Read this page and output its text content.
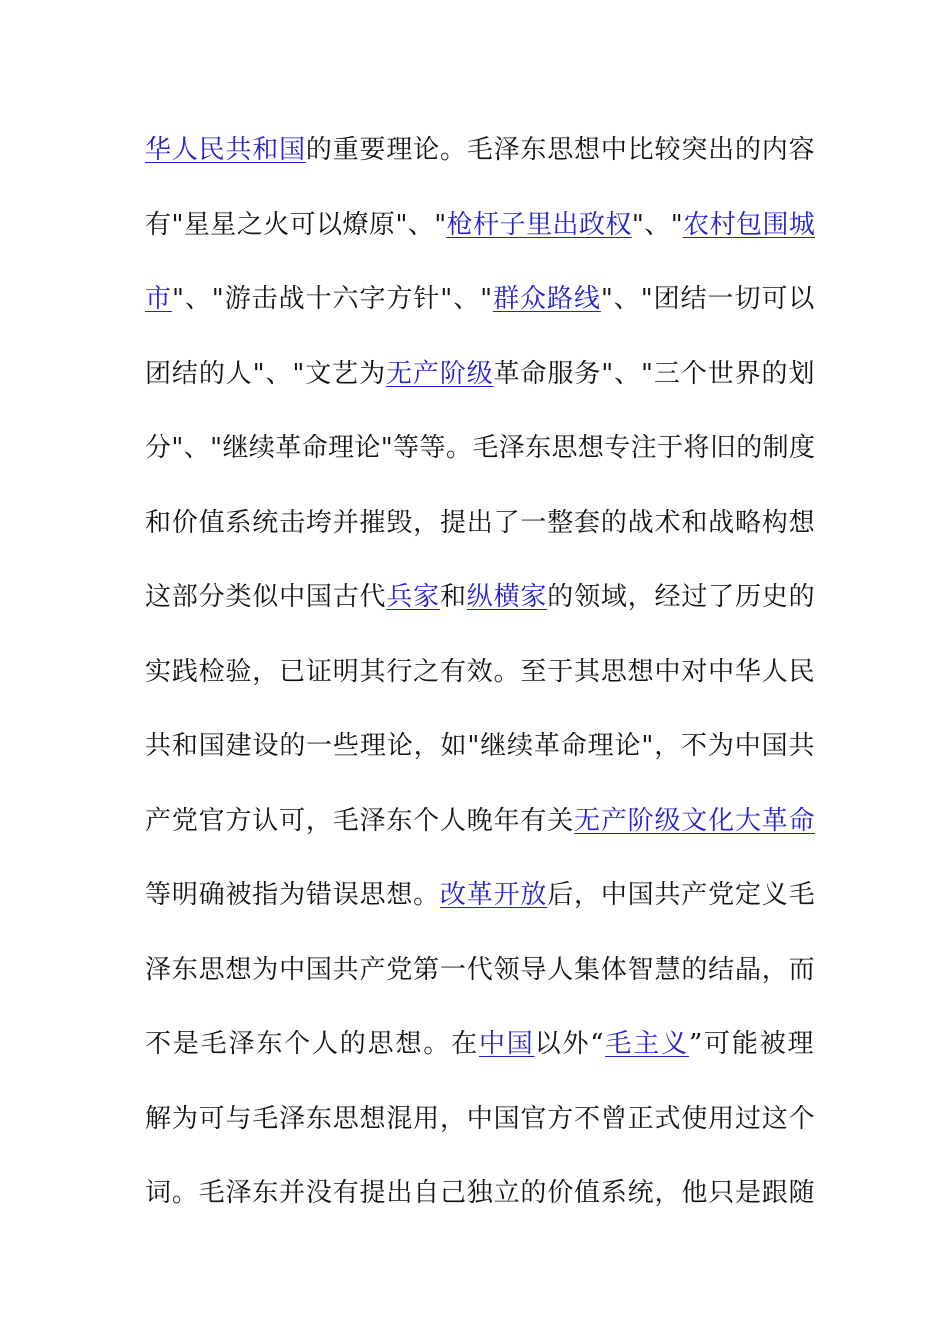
华人民共和国的重要理论。毛泽东思想中比较突出的内容
有"星星之火可以燎原"、"枪杆子里出政权"、"农村包围城
市"、"游击战十六字方针"、"群众路线"、"团结一切可以
团结的人"、"文艺为无产阶级革命服务"、"三个世界的划
分"、"继续革命理论"等等。毛泽东思想专注于将旧的制度
和价值系统击垮并摧毁，提出了一整套的战术和战略构想
这部分类似中国古代兵家和纵横家的领域，经过了历史的
实践检验，已证明其行之有效。至于其思想中对中华人民
共和国建设的一些理论，如"继续革命理论"，不为中国共
产党官方认可，毛泽东个人晚年有关无产阶级文化大革命
等明确被指为错误思想。改革开放后，中国共产党定义毛
泽东思想为中国共产党第一代领导人集体智慧的结晶，而
不是毛泽东个人的思想。在中国以外“毛主义”可能被理
解为可与毛泽东思想混用，中国官方不曾正式使用过这个
词。毛泽东并没有提出自己独立的价值系统，他只是跟随
